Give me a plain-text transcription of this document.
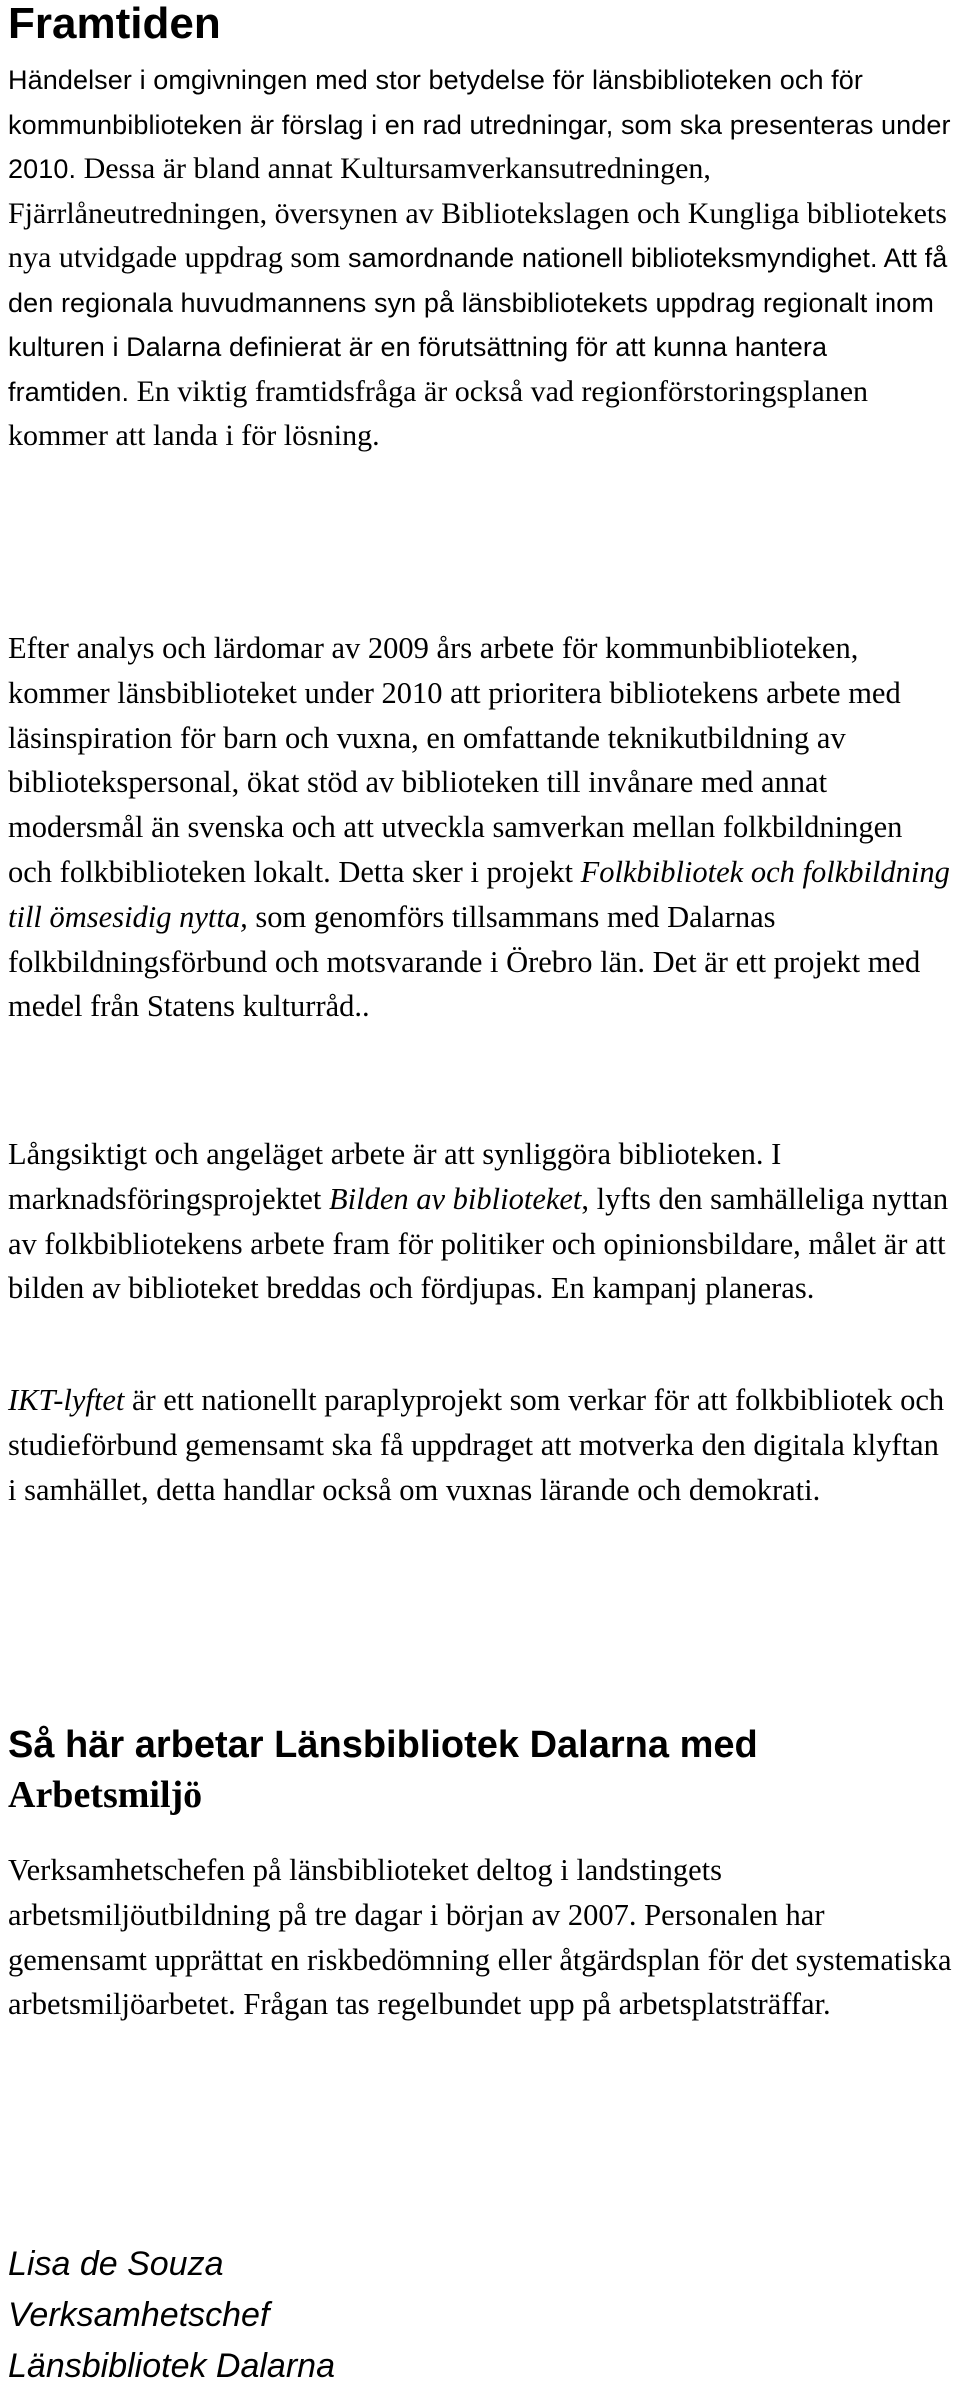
Framtiden

Händelser i omgivningen med stor betydelse för länsbiblioteken och för kommunbiblioteken är förslag i en rad utredningar, som ska presenteras under 2010. Dessa är bland annat Kultursamverkansutredningen, Fjärrlåneutredningen, översynen av Bibliotekslagen och Kungliga bibliotekets nya utvidgade uppdrag som samordnande nationell biblioteksmyndighet. Att få den regionala huvudmannens syn på länsbibliotekets uppdrag regionalt inom kulturen i Dalarna definierat är en förutsättning för att kunna hantera framtiden. En viktig framtidsfråga är också vad regionförstoringsplanen kommer att landa i för lösning.

Efter analys och lärdomar av 2009 års arbete för kommunbiblioteken, kommer länsbiblioteket under 2010 att prioritera bibliotekens arbete med läsinspiration för barn och vuxna, en omfattande teknikutbildning av bibliotekspersonal, ökat stöd av biblioteken till invånare med annat modersmål än svenska och att utveckla samverkan mellan folkbildningen och folkbiblioteken lokalt. Detta sker i projekt Folkbibliotek och folkbildning till ömsesidig nytta, som genomförs tillsammans med Dalarnas folkbildningsförbund och motsvarande i Örebro län. Det är ett projekt med medel från Statens kulturråd..

Långsiktigt och angeläget arbete är att synliggöra biblioteken. I marknadsföringsprojektet Bilden av biblioteket, lyfts den samhälleliga nyttan av folkbibliotekens arbete fram för politiker och opinionsbildare, målet är att bilden av biblioteket breddas och fördjupas. En kampanj planeras.

IKT-lyftet är ett nationellt paraplyprojekt som verkar för att folkbibliotek och studieförbund gemensamt ska få uppdraget att motverka den digitala klyftan i samhället, detta handlar också om vuxnas lärande och demokrati.

Så här arbetar Länsbibliotek Dalarna med
Arbetsmiljö

Verksamhetschefen på länsbiblioteket deltog i landstingets arbetsmiljöutbildning på tre dagar i början av 2007. Personalen har gemensamt upprättat en riskbedömning eller åtgärdsplan för det systematiska arbetsmiljöarbetet. Frågan tas regelbundet upp på arbetsplatsträffar.

Lisa de Souza
Verksamhetschef
Länsbibliotek Dalarna
